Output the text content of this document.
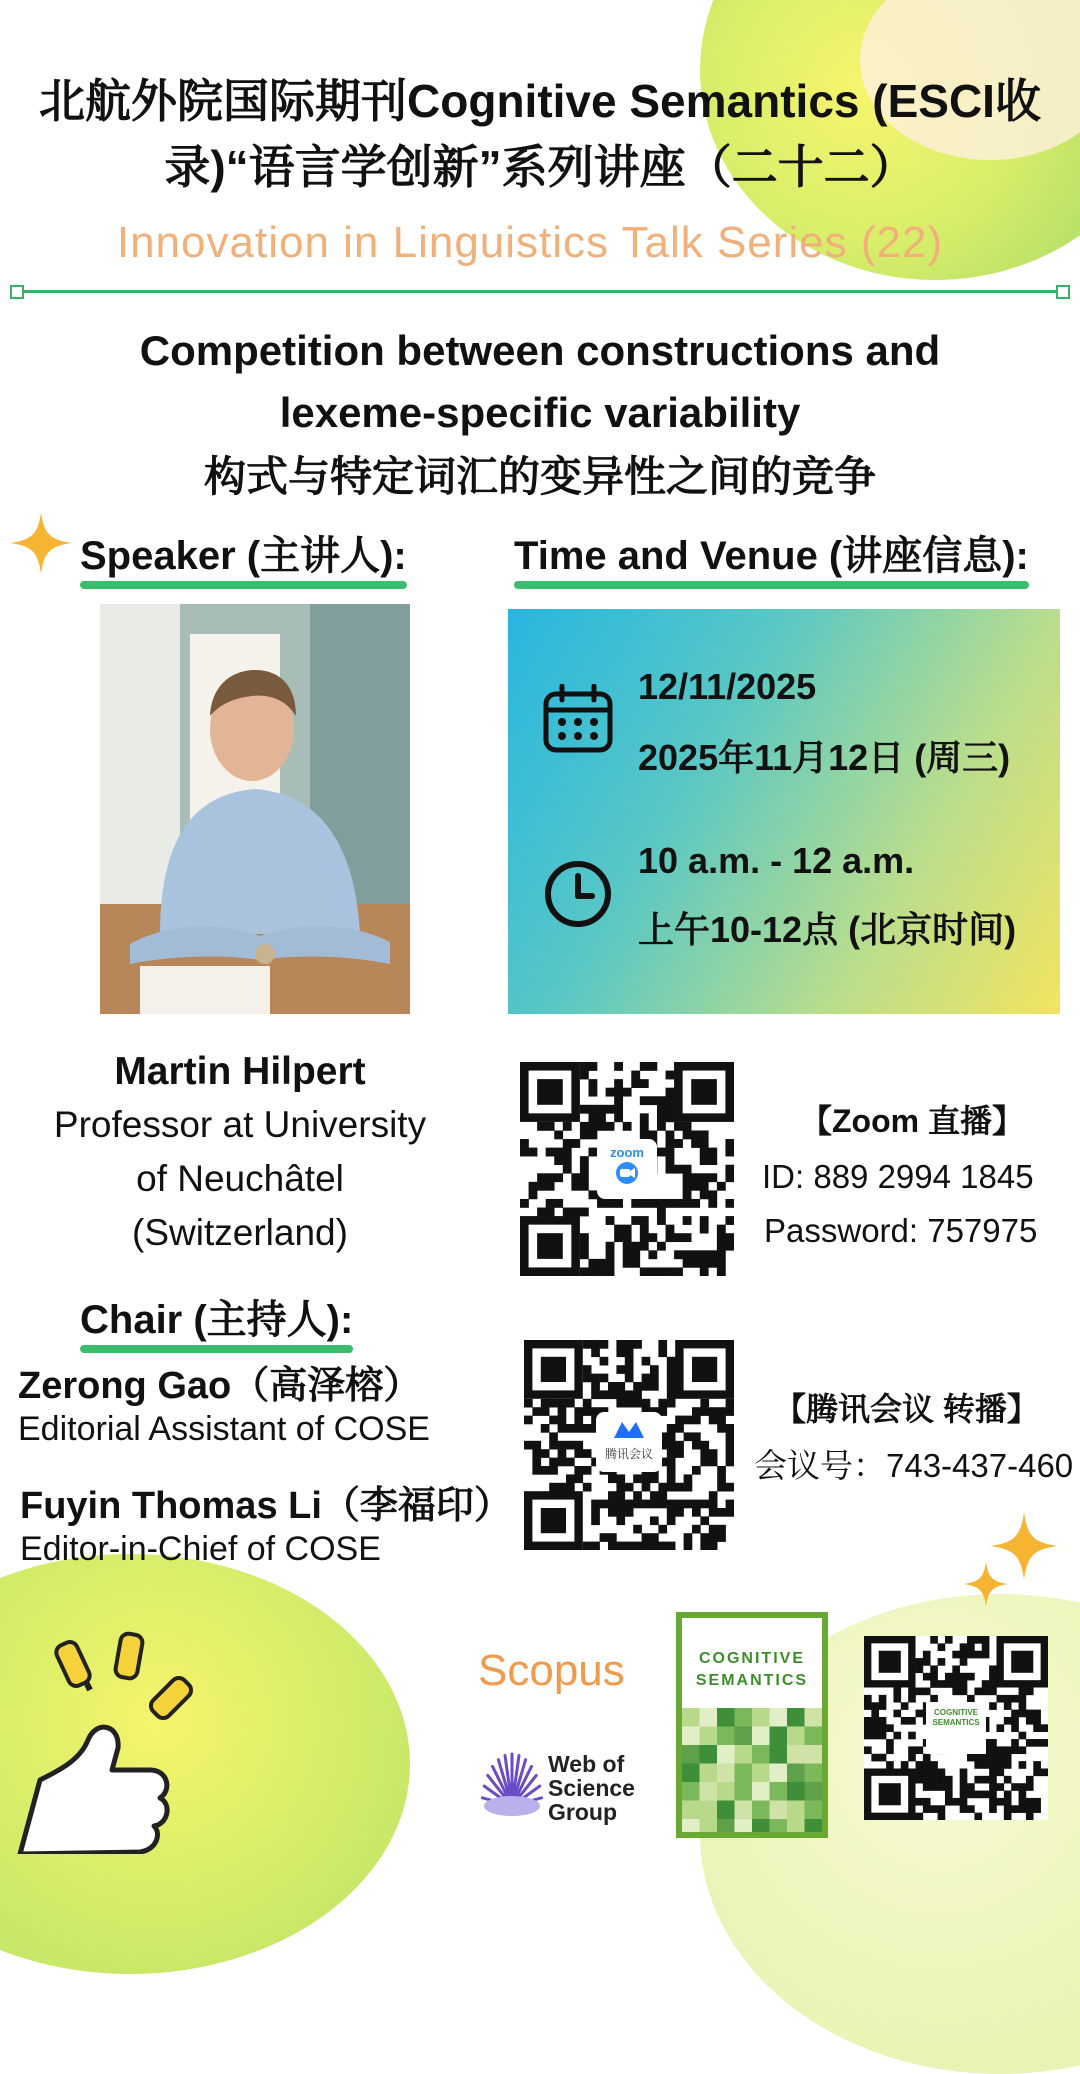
北航外院国际期刊Cognitive Semantics (ESCI收
录)“语言学创新”系列讲座（二十二）
Innovation in Linguistics Talk Series (22)
Competition between constructions and
lexeme-specific variability
构式与特定词汇的变异性之间的竞争
Speaker (主讲人):	Time and Venue (讲座信息):
12/11/2025
2025年11月12日 (周三)
10 a.m. - 12 a.m.
上午10-12点 (北京时间)
Martin Hilpert
Professor at University
of Neuchâtel
(Switzerland)
Chair (主持人):
Zerong Gao（高泽榕）
Editorial Assistant of COSE
Fuyin Thomas Li（李福印）
Editor-in-Chief of COSE
zoom
【Zoom 直播】
ID: 889 2994 1845
Password: 757975
腾讯会议
【腾讯会议 转播】
会议号：743-437-460
Scopus
Web of
Science
Group
COGNITIVE
SEMANTICS
COGNITIVE SEMANTICS
